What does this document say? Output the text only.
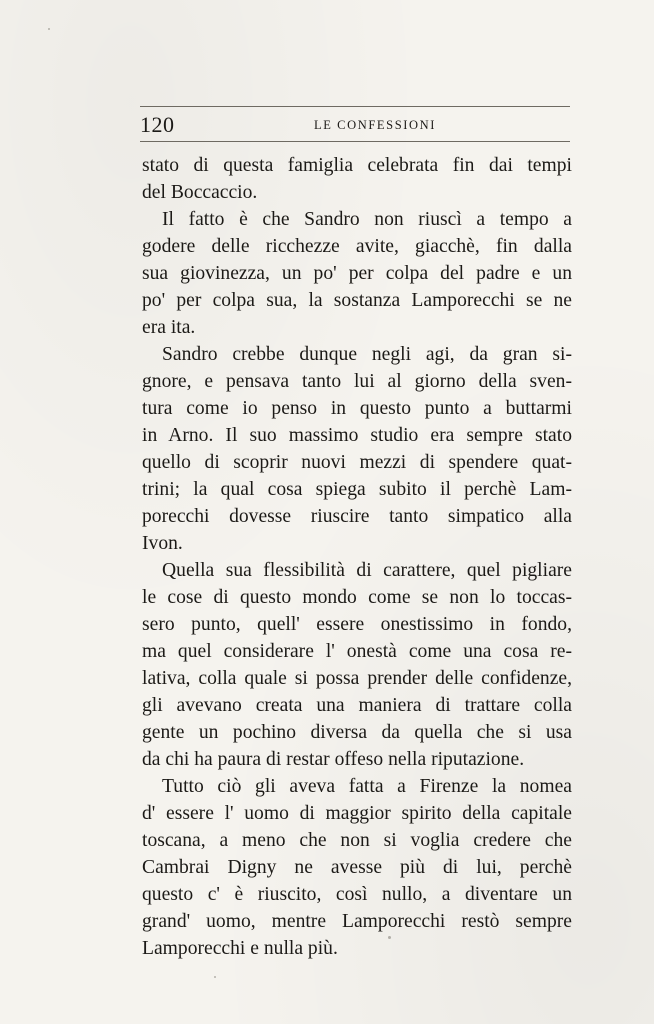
120	LE CONFESSIONI
stato di questa famiglia celebrata fin dai tempi
del Boccaccio.
Il fatto è che Sandro non riuscì a tempo a
godere delle ricchezze avite, giacchè, fin dalla
sua giovinezza, un po' per colpa del padre e un
po' per colpa sua, la sostanza Lamporecchi se ne
era ita.
Sandro crebbe dunque negli agi, da gran si-
gnore, e pensava tanto lui al giorno della sven-
tura come io penso in questo punto a buttarmi
in Arno. Il suo massimo studio era sempre stato
quello di scoprir nuovi mezzi di spendere quat-
trini; la qual cosa spiega subito il perchè Lam-
porecchi dovesse riuscire tanto simpatico alla
Ivon.
Quella sua flessibilità di carattere, quel pigliare
le cose di questo mondo come se non lo toccas-
sero punto, quell' essere onestissimo in fondo,
ma quel considerare l' onestà come una cosa re-
lativa, colla quale si possa prender delle confidenze,
gli avevano creata una maniera di trattare colla
gente un pochino diversa da quella che si usa
da chi ha paura di restar offeso nella riputazione.
Tutto ciò gli aveva fatta a Firenze la nomea
d' essere l' uomo di maggior spirito della capitale
toscana, a meno che non si voglia credere che
Cambrai Digny ne avesse più di lui, perchè
questo c' è riuscito, così nullo, a diventare un
grand' uomo, mentre Lamporecchi restò sempre
Lamporecchi e nulla più.
